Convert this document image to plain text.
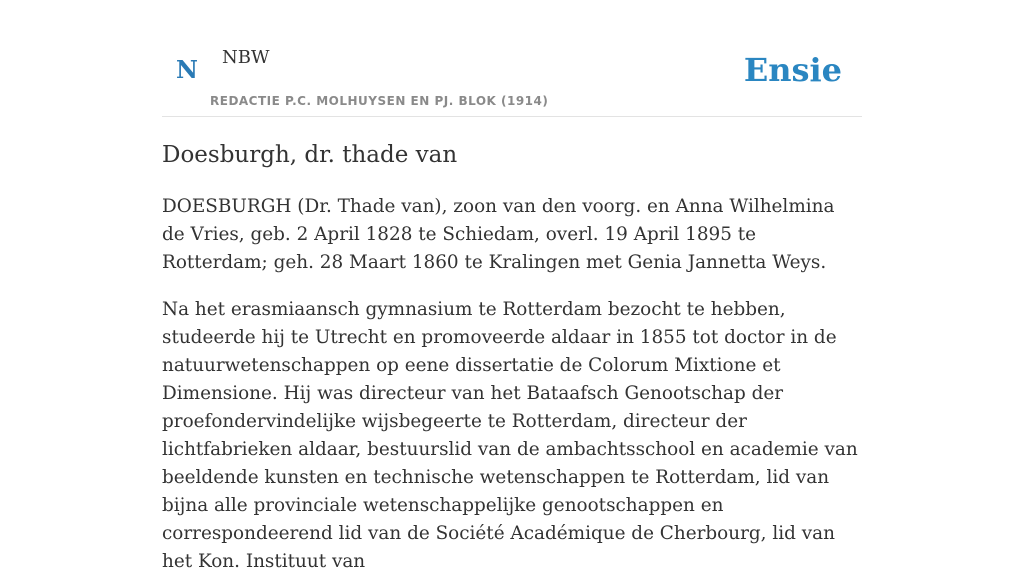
N NBW
REDACTIE P.C. MOLHUYSEN EN PJ. BLOK (1914)
Ensie
Doesburgh, dr. thade van

DOESBURGH (Dr. Thade van), zoon van den voorg. en Anna Wilhelmina de Vries, geb. 2 April 1828 te Schiedam, overl. 19 April 1895 te Rotterdam; geh. 28 Maart 1860 te Kralingen met Genia Jannetta Weys.

Na het erasmiaansch gymnasium te Rotterdam bezocht te hebben, studeerde hij te Utrecht en promoveerde aldaar in 1855 tot doctor in de natuurwetenschappen op eene dissertatie de Colorum Mixtione et Dimensione. Hij was directeur van het Bataafsch Genootschap der proefondervindelijke wijsbegeerte te Rotterdam, directeur der lichtfabrieken aldaar, bestuurslid van de ambachtsschool en academie van beeldende kunsten en technische wetenschappen te Rotterdam, lid van bijna alle provinciale wetenschappelijke genootschappen en correspondeerend lid van de Société Académique de Cherbourg, lid van het Kon. Instituut van
